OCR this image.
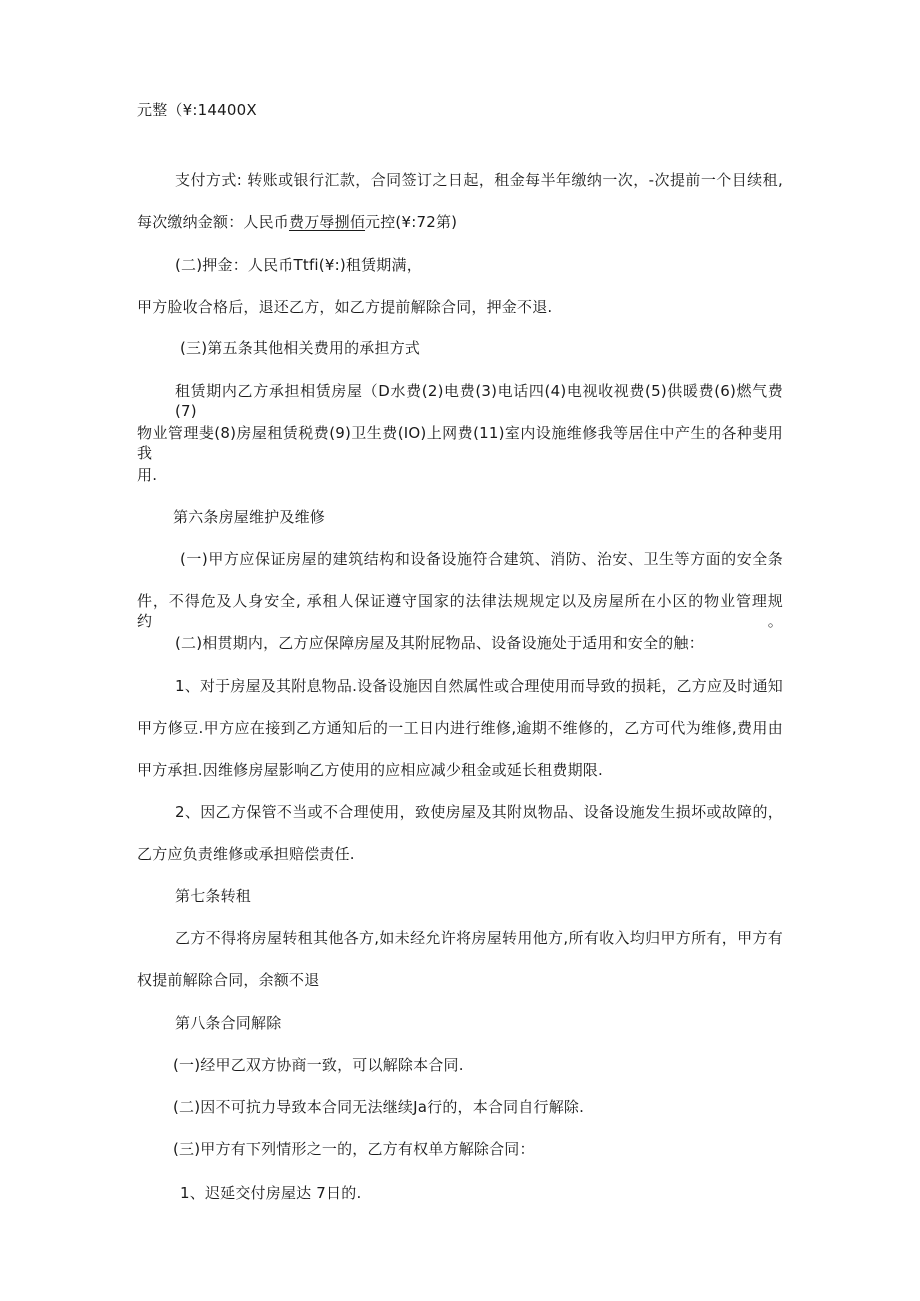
元整（¥:14400X
支付方式: 转账或银行汇款，合同签订之日起，租金每半年缴纳一次，-次提前一个目续租,
每次缴纳金额：人民币费万辱捌佰元控(¥:72第)
(二)押金：人民币Ttfi(¥:)租赁期满，
甲方脸收合格后，退还乙方，如乙方提前解除合同，押金不退.
(三)第五条其他相关费用的承担方式
租赁期内乙方承担相赁房屋（D水费(2)电费(3)电话四(4)电视收视费(5)供暖费(6)燃气费(7)
物业管理斐(8)房屋租赁税费(9)卫生费(IO)上网费(11)室内设施维修我等居住中产生的各种斐用我
用.
第六条房屋维护及维修
(一)甲方应保证房屋的建筑结构和设备设施符合建筑、消防、治安、卫生等方面的安全条
件，不得危及人身安全, 承租人保证遵守国家的法律法规规定以及房屋所在小区的物业管理规约。
(二)相贯期内，乙方应保障房屋及其附屁物品、设备设施处于适用和安全的触：
1、对于房屋及其附息物品.设备设施因自然属性或合理使用而导致的损耗，乙方应及时通知
甲方修豆.甲方应在接到乙方通知后的一工日内进行维修,逾期不维修的，乙方可代为维修,费用由
甲方承担.因维修房屋影响乙方使用的应相应减少租金或延长租费期限.
2、因乙方保管不当或不合理使用，致使房屋及其附岚物品、设备设施发生损坏或故障的，
乙方应负责维修或承担赔偿责任.
第七条转租
乙方不得将房屋转租其他各方,如未经允许将房屋转用他方,所有收入均归甲方所有，甲方有
权提前解除合同，余额不退
第八条合同解除
(一)经甲乙双方协商一致，可以解除本合同.
(二)因不可抗力导致本合同无法继续Ja行的，本合同自行解除.
(三)甲方有下列情形之一的，乙方有权单方解除合同：
1、迟延交付房屋达 7日的.
